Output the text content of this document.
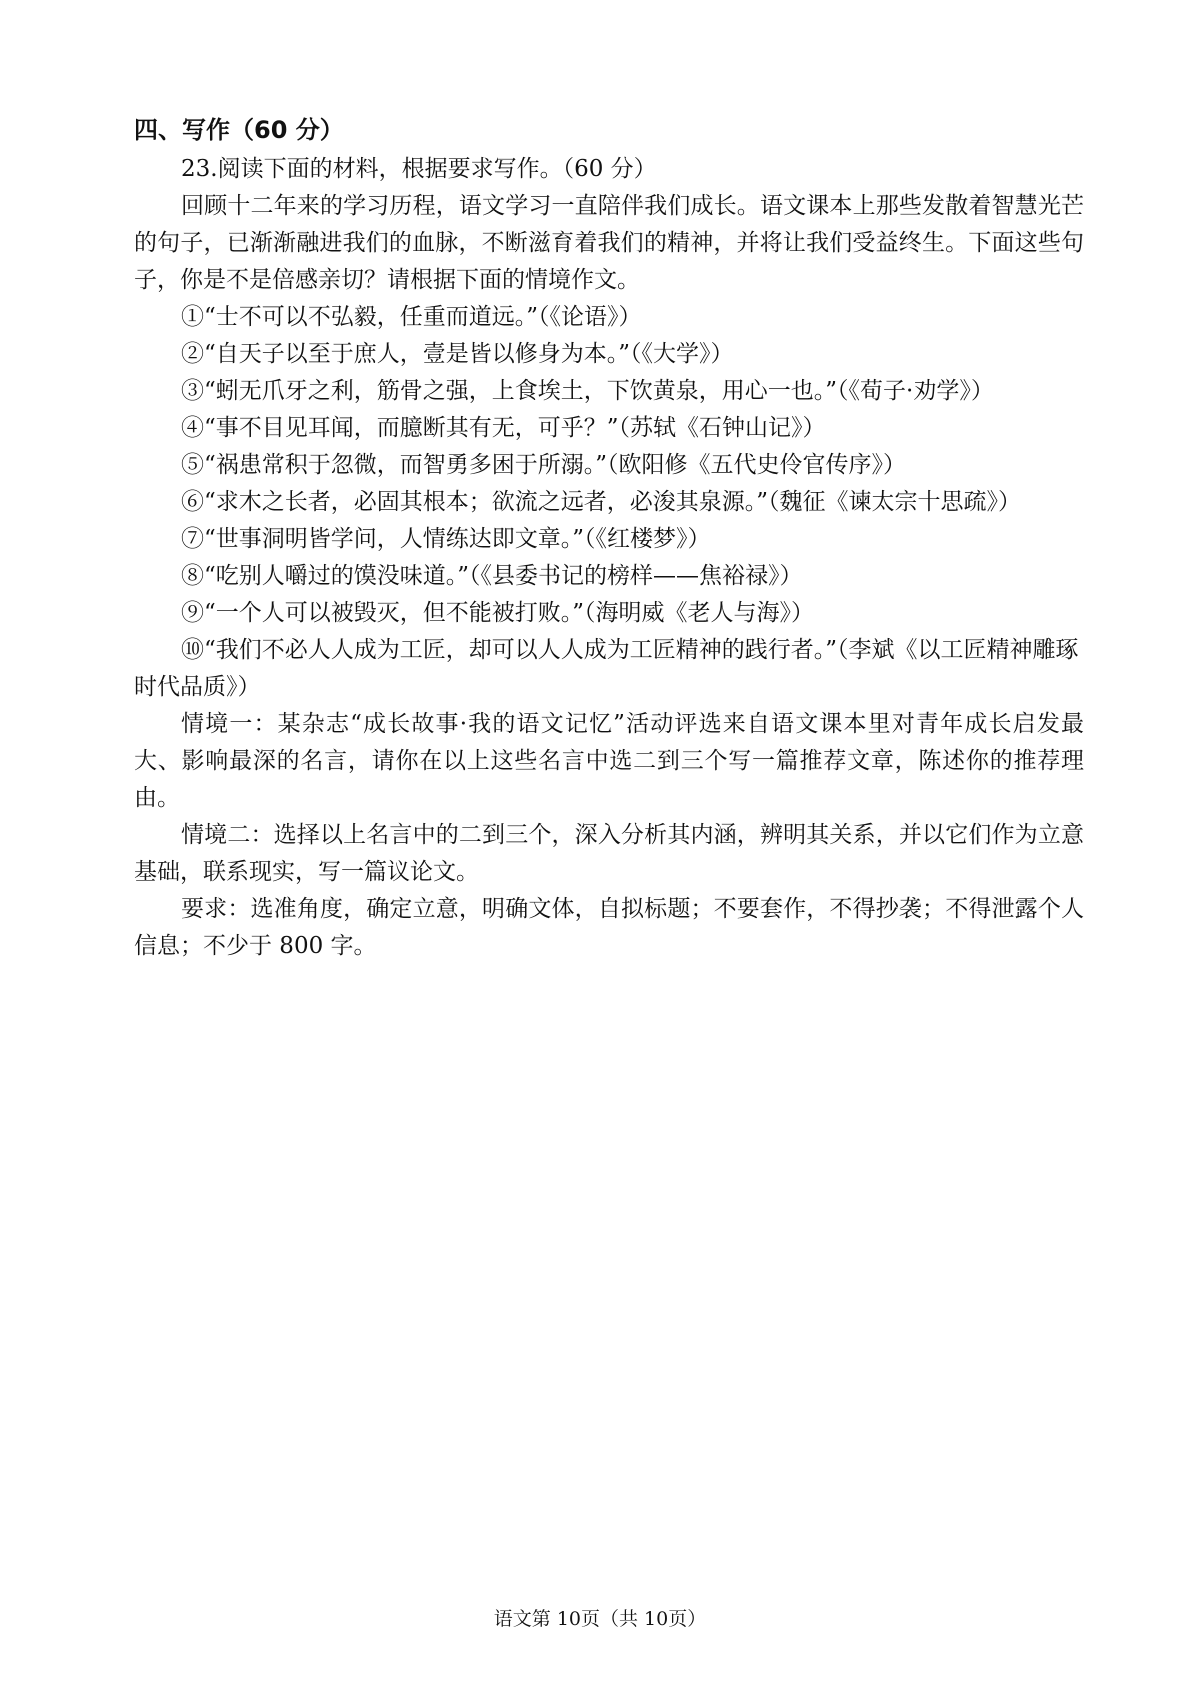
四、写作（60 分）
23.阅读下面的材料，根据要求写作。（60 分）
回顾十二年来的学习历程，语文学习一直陪伴我们成长。语文课本上那些发散着智慧光芒的句子，已渐渐融进我们的血脉，不断滋育着我们的精神，并将让我们受益终生。下面这些句子，你是不是倍感亲切？请根据下面的情境作文。
①“士不可以不弘毅，任重而道远。”（《论语》）
②“自天子以至于庶人，壹是皆以修身为本。”（《大学》）
③“蚓无爪牙之利，筋骨之强，上食埃土，下饮黄泉，用心一也。”（《荀子·劝学》）
④“事不目见耳闻，而臆断其有无，可乎？”（苏轼《石钟山记》）
⑤“祸患常积于忽微，而智勇多困于所溺。”（欧阳修《五代史伶官传序》）
⑥“求木之长者，必固其根本；欲流之远者，必浚其泉源。”（魏征《谏太宗十思疏》）
⑦“世事洞明皆学问，人情练达即文章。”（《红楼梦》）
⑧“吃别人嚼过的馍没味道。”（《县委书记的榜样——焦裕禄》）
⑨“一个人可以被毁灭，但不能被打败。”（海明威《老人与海》）
⑩“我们不必人人成为工匠，却可以人人成为工匠精神的践行者。”（李斌《以工匠精神雕琢时代品质》）
情境一：某杂志“成长故事·我的语文记忆”活动评选来自语文课本里对青年成长启发最大、影响最深的名言，请你在以上这些名言中选二到三个写一篇推荐文章，陈述你的推荐理由。
情境二：选择以上名言中的二到三个，深入分析其内涵，辨明其关系，并以它们作为立意基础，联系现实，写一篇议论文。
要求：选准角度，确定立意，明确文体，自拟标题；不要套作，不得抄袭；不得泄露个人信息；不少于 800 字。
语文第 10页（共 10页）
